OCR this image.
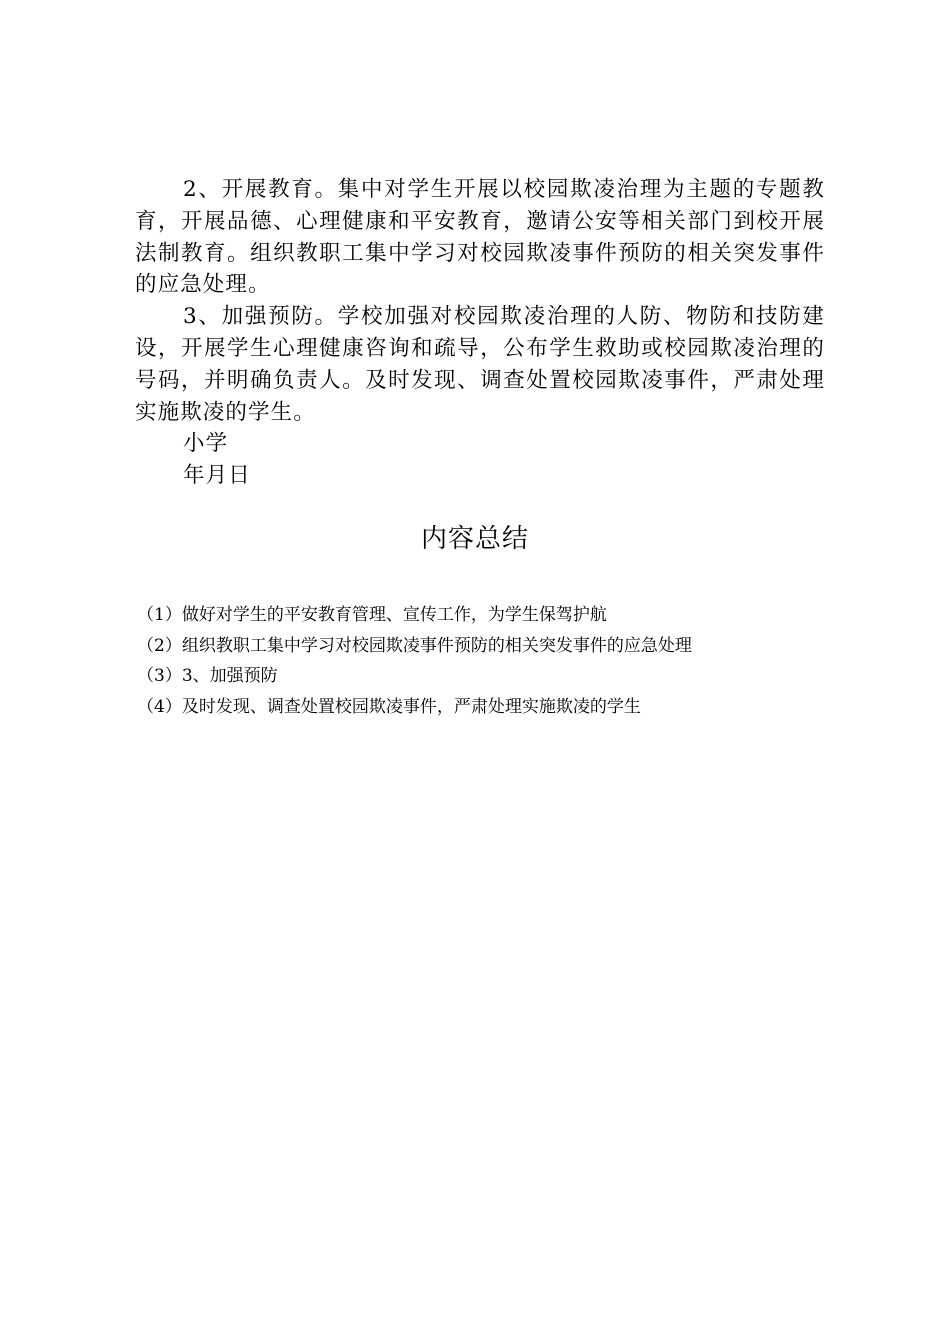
2、开展教育。集中对学生开展以校园欺凌治理为主题的专题教育，开展品德、心理健康和平安教育，邀请公安等相关部门到校开展法制教育。组织教职工集中学习对校园欺凌事件预防的相关突发事件的应急处理。

3、加强预防。学校加强对校园欺凌治理的人防、物防和技防建设，开展学生心理健康咨询和疏导，公布学生救助或校园欺凌治理的　　号码，并明确负责人。及时发现、调查处置校园欺凌事件，严肃处理实施欺凌的学生。

小学
年月日
内容总结
（1）做好对学生的平安教育管理、宣传工作，为学生保驾护航
（2）组织教职工集中学习对校园欺凌事件预防的相关突发事件的应急处理
（3）3、加强预防
（4）及时发现、调查处置校园欺凌事件，严肃处理实施欺凌的学生
